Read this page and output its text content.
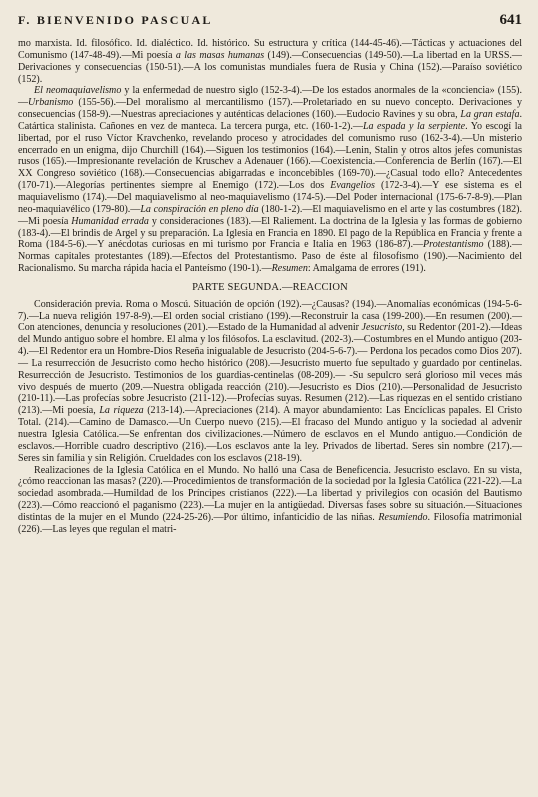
F. BIENVENIDO PASCUAL	641

mo marxista. Id. filosófico. Id. dialéctico. Id. histórico. Su estructura y crítica (144-45-46).—Tácticas y actuaciones del Comunismo (147-48-49).—Mi poesía a las masas humanas (149).—Consecuencias (149-50).—La libertad en la URSS.—Derivaciones y consecuencias (150-51).—A los comunistas mundiales fuera de Rusia y China (152).—Paraíso soviético (152).

El neomaquiavelismo y la enfermedad de nuestro siglo (152-3-4).—De los estados anormales de la «conciencia» (155).—Urbanismo (155-56).—Del moralismo al mercantilismo (157).—Proletariado en su nuevo concepto. Derivaciones y consecuencias (158-9).—Nuestras apreciaciones y auténticas delaciones (160).—Eudocio Ravines y su obra, La gran estafa. Catártica stalinista. Cañones en vez de manteca. La tercera purga, etc. (160-1-2).—La espada y la serpiente. Yo escogí la libertad, por el ruso Víctor Kravchenko, revelando proceso y atrocidades del comunismo ruso (162-3-4).—Un misterio encerrado en un enigma, dijo Churchill (164).—Siguen los testimonios (164).—Lenin, Stalin y otros altos jefes comunistas rusos (165).—Impresionante revelación de Kruschev a Adenauer (166).—Coexistencia.—Conferencia de Berlín (167).—El XX Congreso soviético (168).—Consecuencias abigarradas e inconcebibles (169-70).—¿Casual todo ello? Antecedentes (170-71).—Alegorías pertinentes siempre al Enemigo (172).—Los dos Evangelios (172-3-4).—Y ese sistema es el maquiavelismo (174).—Del maquiavelismo al neo-maquiavelismo (174-5).—Del Poder internacional (175-6-7-8-9).—Plan neo-maquiavélico (179-80).—La conspiración en pleno día (180-1-2).—El maquiavelismo en el arte y las costumbres (182).—Mi poesía Humanidad errada y consideraciones (183).—El Raliement. La doctrina de la Iglesia y las formas de gobierno (183-4).—El brindis de Argel y su preparación. La Iglesia en Francia en 1890. El pago de la República en Francia y frente a Roma (184-5-6).—Y anécdotas curiosas en mi turismo por Francia e Italia en 1963 (186-87).—Protestantismo (188).—Normas capitales protestantes (189).—Efectos del Protestantismo. Paso de éste al filosofismo (190).—Nacimiento del Racionalismo. Su marcha rápida hacia el Panteísmo (190-1).—Resumen: Amalgama de errores (191).

PARTE SEGUNDA.—REACCION

Consideración previa. Roma o Moscú. Situación de opción (192).—¿Causas? (194).—Anomalías económicas (194-5-6-7).—La nueva religión 197-8-9).—El orden social cristiano (199).—Reconstruir la casa (199-200).—En resumen (200).—Con atenciones, denuncia y resoluciones (201).—Estado de la Humanidad al advenir Jesucristo, su Redentor (201-2).—Ideas del Mundo antiguo sobre el hombre. El alma y los filósofos. La esclavitud. (202-3).—Costumbres en el Mundo antiguo (203-4).—El Redentor era un Hombre-Dios Reseña inigualable de Jesucristo (204-5-6-7).— Perdona los pecados como Dios 207).— La resurrección de Jesucristo como hecho histórico (208).—Jesucristo muerto fue sepultado y guardado por centinelas. Resurrección de Jesucristo. Testimonios de los guardias-centinelas (08-209).— -Su sepulcro será glorioso mil veces más vivo después de muerto (209.—Nuestra obligada reacción (210).—Jesucristo es Dios (210).—Personalidad de Jesucristo (210-11).—Las profecías sobre Jesucristo (211-12).—Profecías suyas. Resumen (212).—Las riquezas en el sentido cristiano (213).—Mi poesía, La riqueza (213-14).—Apreciaciones (214). A mayor abundamiento: Las Encíclicas papales. El Cristo Total. (214).—Camino de Damasco.—Un Cuerpo nuevo (215).—El fracaso del Mundo antiguo y la sociedad al advenir nuestra Iglesia Católica.—Se enfrentan dos civilizaciones.—Número de esclavos en el Mundo antiguo.—Condición de esclavos.—Horrible cuadro descriptivo (216).—Los esclavos ante la ley. Privados de libertad. Seres sin nombre (217).—Seres sin familia y sin Religión. Crueldades con los esclavos (218-19).

Realizaciones de la Iglesia Católica en el Mundo. No halló una Casa de Beneficencia. Jesucristo esclavo. En su vista, ¿cómo reaccionan las masas? (220).—Procedimientos de transformación de la sociedad por la Iglesia Católica (221-22).—La sociedad asombrada.—Humildad de los Príncipes cristianos (222).—La libertad y privilegios con ocasión del Bautismo (223).—Cómo reaccionó el paganismo (223).—La mujer en la antigüedad. Diversas fases sobre su situación.—Situaciones distintas de la mujer en el Mundo (224-25-26).—Por último, infanticidio de las niñas. Resumiendo. Filosofía matrimonial (226).—Las leyes que regulan el matri-
